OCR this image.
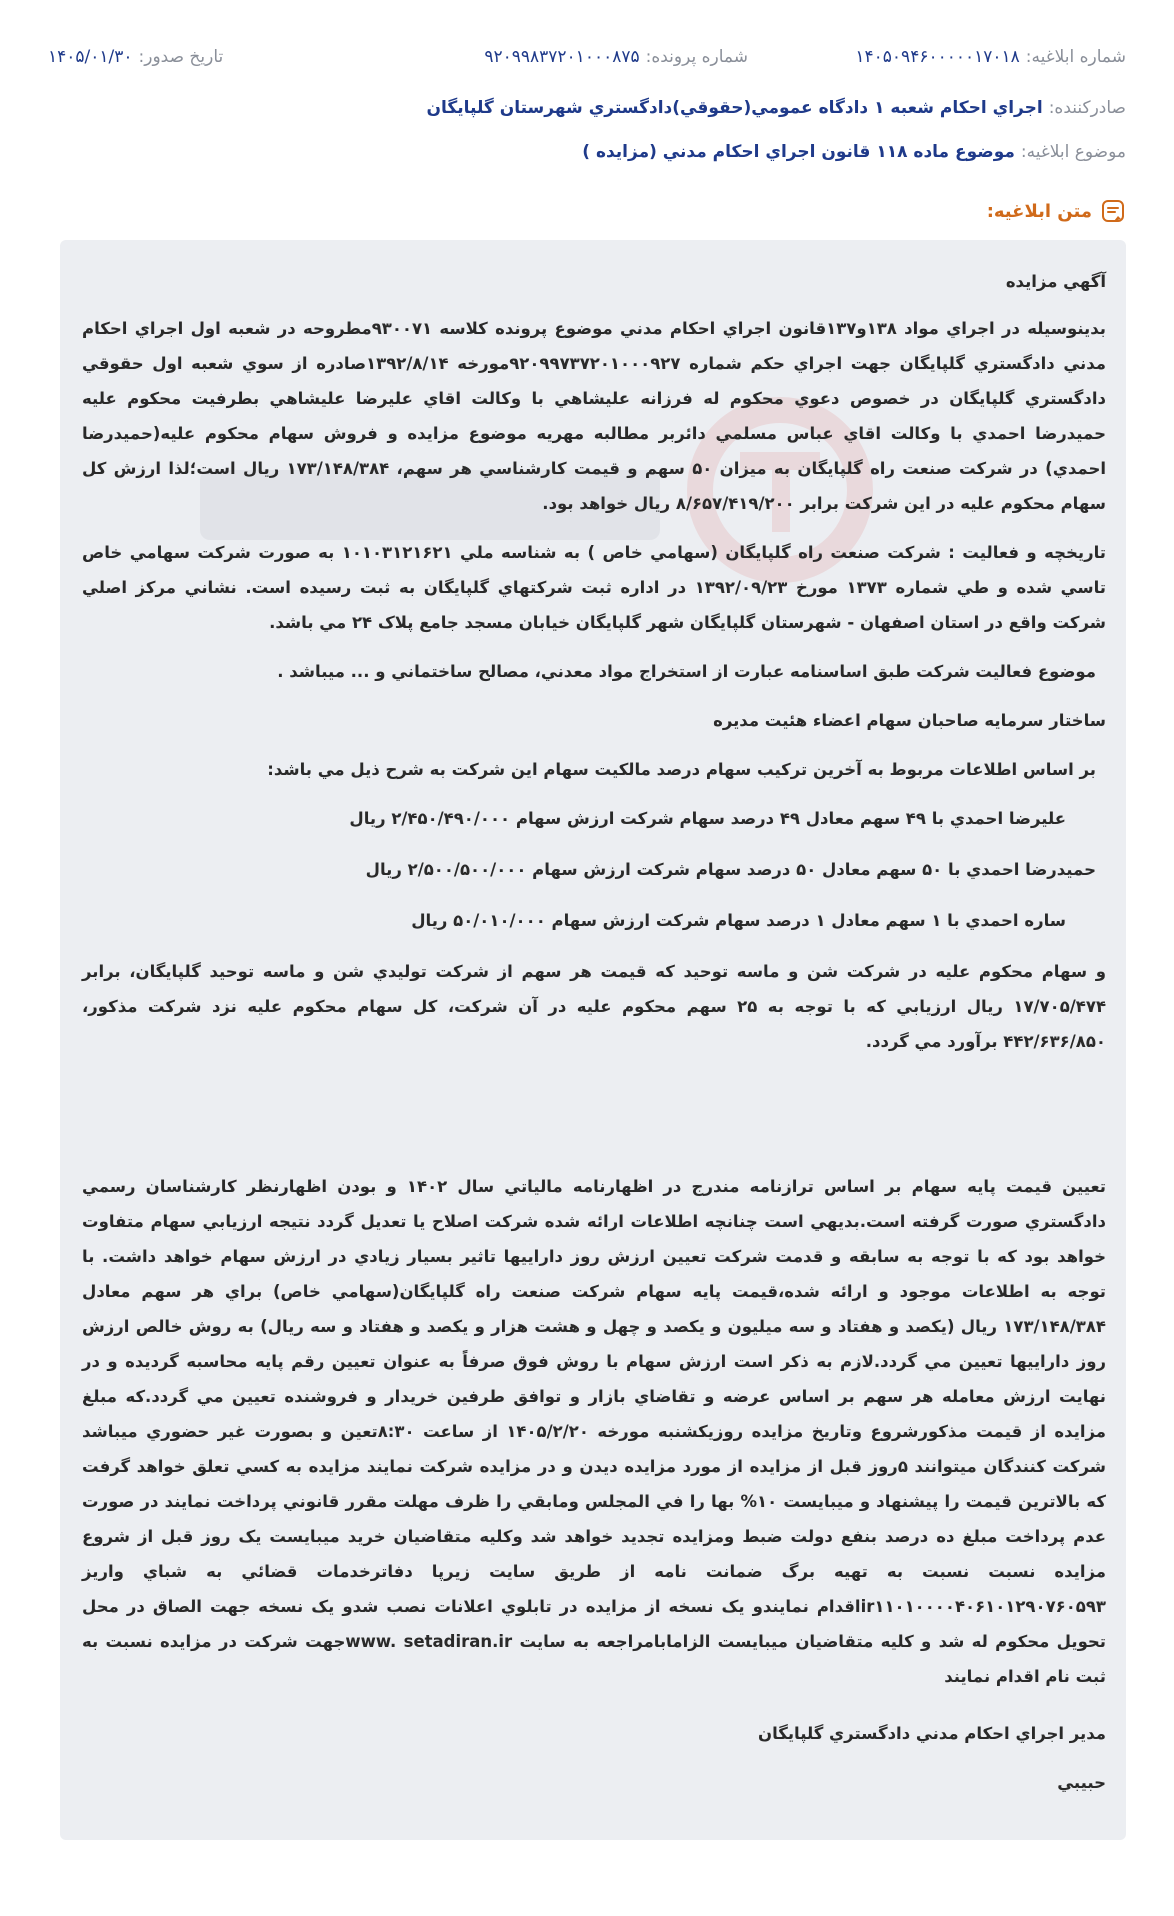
شماره ابلاغيه:
۱۴۰۵۰۹۴۶۰۰۰۰۰۱۷۰۱۸
شماره پرونده:
۹۲۰۹۹۸۳۷۲۰۱۰۰۰۸۷۵
تاريخ صدور:
۱۴۰۵/۰۱/۳۰
صادرکننده:
اجراي احکام شعبه ۱ دادگاه عمومي(حقوقي)دادگستري شهرستان گلپايگان
موضوع ابلاغيه:
موضوع ماده ۱۱۸ قانون اجراي احکام مدني (مزايده )
متن ابلاغيه:

آگهي مزايده

بدينوسيله در اجراي مواد ۱۳۸و۱۳۷قانون اجراي احکام مدني موضوع پرونده کلاسه ۹۳۰۰۷۱مطروحه در شعبه اول اجراي احکام مدني دادگستري گلپايگان جهت اجراي حکم شماره ۹۲۰۹۹۷۳۷۲۰۱۰۰۰۹۲۷مورخه ۱۳۹۲/۸/۱۴صادره از سوي شعبه اول حقوقي دادگستري گلپايگان در خصوص دعوي محکوم له فرزانه عليشاهي با وکالت اقاي عليرضا عليشاهي بطرفيت محکوم عليه حميدرضا احمدي با وکالت اقاي عباس مسلمي دائربر مطالبه مهريه موضوع مزايده و فروش سهام محکوم عليه(حميدرضا احمدي) در شرکت صنعت راه گلپايگان به ميزان ۵۰ سهم و قيمت کارشناسي هر سهم، ۱۷۳/۱۴۸/۳۸۴ ريال است؛لذا ارزش کل سهام محکوم عليه در اين شرکت برابر ۸/۶۵۷/۴۱۹/۲۰۰ ريال خواهد بود.

تاريخچه و فعاليت : شرکت صنعت راه گلپايگان (سهامي خاص ) به شناسه ملي ۱۰۱۰۳۱۲۱۶۲۱ به صورت شرکت سهامي خاص تاسي شده و طي شماره ۱۳۷۳ مورخ ۱۳۹۲/۰۹/۲۳ در اداره ثبت شرکتهاي گلپايگان به ثبت رسيده است. نشاني مرکز اصلي شرکت واقع در استان اصفهان - شهرستان گلپايگان شهر گلپايگان خيابان مسجد جامع پلاک ۲۴ مي باشد.

موضوع فعاليت شرکت طبق اساسنامه عبارت از استخراج مواد معدني، مصالح ساختماني و ... ميباشد .

ساختار سرمايه صاحبان سهام اعضاء هئيت مديره

بر اساس اطلاعات مربوط به آخرين ترکيب سهام درصد مالکيت سهام اين شرکت به شرح ذيل مي باشد:

عليرضا احمدي با ۴۹ سهم معادل ۴۹ درصد سهام شرکت ارزش سهام ۲/۴۵۰/۴۹۰/۰۰۰ ريال

حميدرضا احمدي با ۵۰ سهم معادل ۵۰ درصد سهام شرکت ارزش سهام ۲/۵۰۰/۵۰۰/۰۰۰ ريال

ساره احمدي با ۱ سهم معادل ۱ درصد سهام شرکت ارزش سهام ۵۰/۰۱۰/۰۰۰ ريال

و سهام محکوم عليه در شرکت شن و ماسه توحيد که قيمت هر سهم از شرکت توليدي شن و ماسه توحيد گلپايگان، برابر ۱۷/۷۰۵/۴۷۴ ريال ارزيابي که با توجه به ۲۵ سهم محکوم عليه در آن شرکت، کل سهام محکوم عليه نزد شرکت مذکور، ۴۴۲/۶۳۶/۸۵۰ برآورد مي گردد.

تعيين قيمت پايه سهام بر اساس ترازنامه مندرج در اظهارنامه مالياتي سال ۱۴۰۲ و بودن اظهارنظر کارشناسان رسمي دادگستري صورت گرفته است.بديهي است چنانچه اطلاعات ارائه شده شرکت اصلاح يا تعديل گردد نتيجه ارزيابي سهام متفاوت خواهد بود که با توجه به سابقه و قدمت شرکت تعيين ارزش روز داراييها تاثير بسيار زيادي در ارزش سهام خواهد داشت. با توجه به اطلاعات موجود و ارائه شده،قيمت پايه سهام شرکت صنعت راه گلپايگان(سهامي خاص) براي هر سهم معادل ۱۷۳/۱۴۸/۳۸۴ ريال (يکصد و هفتاد و سه ميليون و يکصد و چهل و هشت هزار و يکصد و هفتاد و سه ريال) به روش خالص ارزش روز داراييها تعيين مي گردد.لازم به ذکر است ارزش سهام با روش فوق صرفاً به عنوان تعيين رقم پايه محاسبه گرديده و در نهايت ارزش معامله هر سهم بر اساس عرضه و تقاضاي بازار و توافق طرفين خريدار و فروشنده تعيين مي گردد.که مبلغ مزايده از قيمت مذکورشروع وتاريخ مزايده روزيکشنبه مورخه ۱۴۰۵/۲/۲۰ از ساعت ۸:۳۰تعين و بصورت غير حضوري ميباشد شرکت کنندگان ميتوانند ۵روز قبل از مزايده از مورد مزايده ديدن و در مزايده شرکت نمايند مزايده به کسي تعلق خواهد گرفت که بالاترين قيمت را پيشنهاد و ميبايست ۱۰% بها را في المجلس ومابقي را ظرف مهلت مقرر قانوني پرداخت نمايند در صورت عدم پرداخت مبلغ ده درصد بنفع دولت ضبط ومزايده تجديد خواهد شد وکليه متقاضيان خريد ميبايست يک روز قبل از شروع مزايده نسبت نسبت به تهيه برگ ضمانت نامه از طريق سايت زيرپا دفاترخدمات قضائي به شباي واريز ir۱۱۰۱۰۰۰۰۴۰۶۱۰۱۲۹۰۷۶۰۵۹۳اقدام نمايندو يک نسخه از مزايده در تابلوي اعلانات نصب شدو يک نسخه جهت الصاق در محل تحويل محکوم له شد و کليه متقاضيان ميبايست الزامابامراجعه به سايت www. setadiran.irجهت شرکت در مزايده نسبت به ثبت نام اقدام نمايند

مدير اجراي احکام مدني دادگستري گلپايگان

حبيبي
